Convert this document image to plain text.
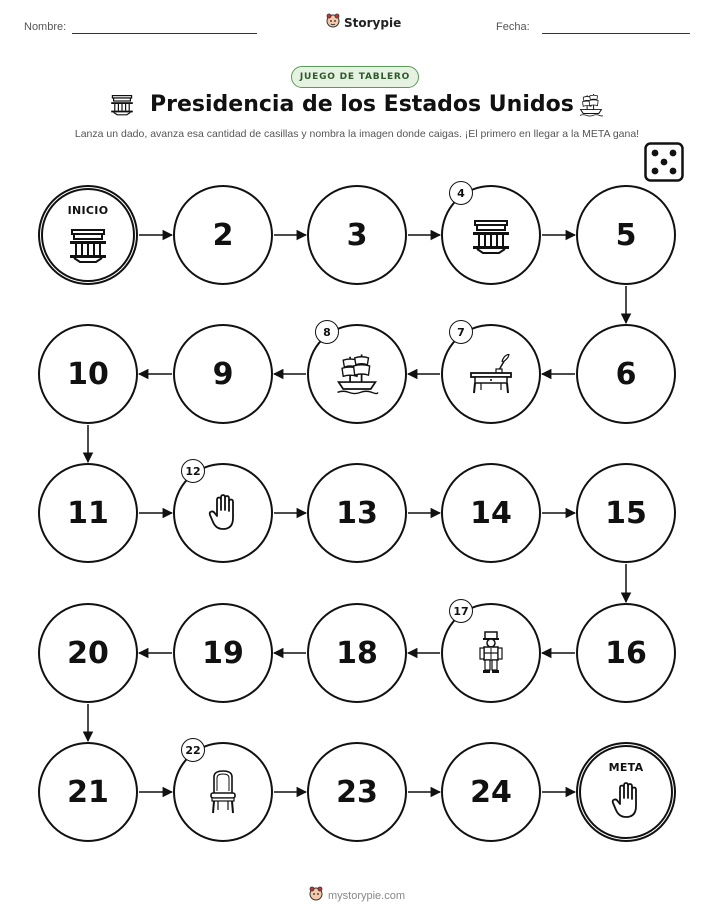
Nombre:	Storypie	Fecha:
JUEGO DE TABLERO
Presidencia de los Estados Unidos
Lanza un dado, avanza esa cantidad de casillas y nombra la imagen donde caigas. ¡El primero en llegar a la META gana!
INICIO
2	3
4
5
6
7
8
9
10
11
12
13	14	15
16
17
18
19
20
21
22
23	24
META
mystorypie.com
